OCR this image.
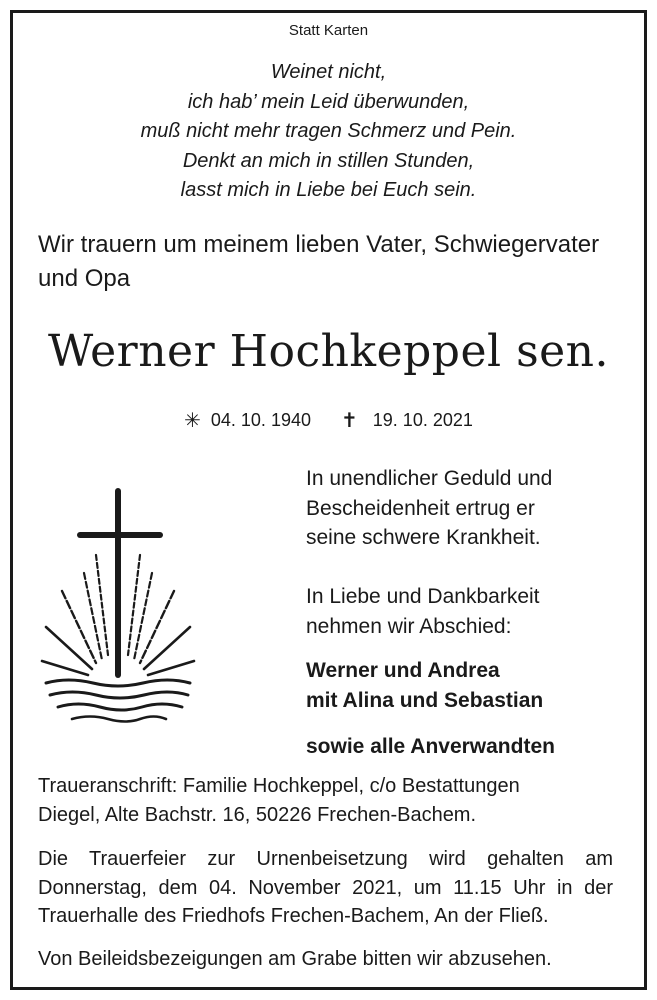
Statt Karten
Weinet nicht,
ich hab’ mein Leid überwunden,
muß nicht mehr tragen Schmerz und Pein.
Denkt an mich in stillen Stunden,
lasst mich in Liebe bei Euch sein.
Wir trauern um meinem lieben Vater, Schwiegervater
und Opa
Werner Hochkeppel sen.
✳ 04. 10. 1940 ✝ 19. 10. 2021
In unendlicher Geduld und
Bescheidenheit ertrug er
seine schwere Krankheit.
In Liebe und Dankbarkeit
nehmen wir Abschied:
Werner und Andrea
mit Alina und Sebastian
sowie alle Anverwandten
Traueranschrift: Familie Hochkeppel, c/o Bestattungen
Diegel, Alte Bachstr. 16, 50226 Frechen-Bachem.
Die Trauerfeier zur Urnenbeisetzung wird gehalten am
Donnerstag, dem 04. November 2021, um 11.15 Uhr in der
Trauerhalle des Friedhofs Frechen-Bachem, An der Fließ.
Von Beileidsbezeigungen am Grabe bitten wir abzusehen.
